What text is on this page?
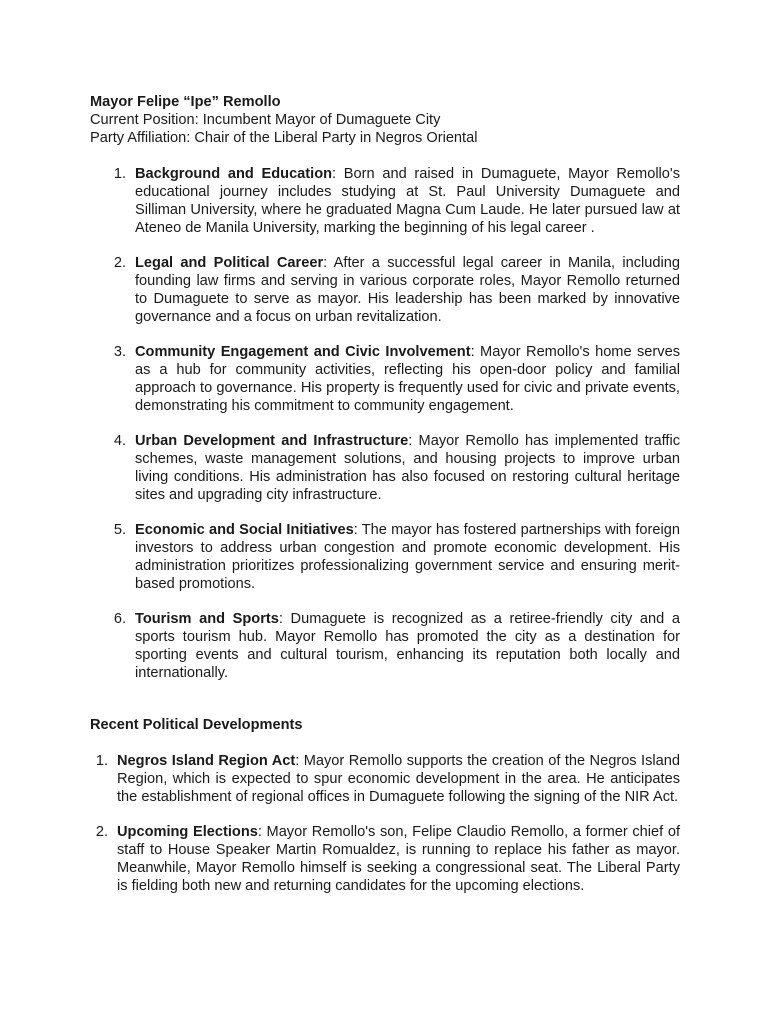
Mayor Felipe “Ipe” Remollo
Current Position: Incumbent Mayor of Dumaguete City
Party Affiliation: Chair of the Liberal Party in Negros Oriental
1. Background and Education: Born and raised in Dumaguete, Mayor Remollo's educational journey includes studying at St. Paul University Dumaguete and Silliman University, where he graduated Magna Cum Laude. He later pursued law at Ateneo de Manila University, marking the beginning of his legal career .
2. Legal and Political Career: After a successful legal career in Manila, including founding law firms and serving in various corporate roles, Mayor Remollo returned to Dumaguete to serve as mayor. His leadership has been marked by innovative governance and a focus on urban revitalization.
3. Community Engagement and Civic Involvement: Mayor Remollo's home serves as a hub for community activities, reflecting his open-door policy and familial approach to governance. His property is frequently used for civic and private events, demonstrating his commitment to community engagement.
4. Urban Development and Infrastructure: Mayor Remollo has implemented traffic schemes, waste management solutions, and housing projects to improve urban living conditions. His administration has also focused on restoring cultural heritage sites and upgrading city infrastructure.
5. Economic and Social Initiatives: The mayor has fostered partnerships with foreign investors to address urban congestion and promote economic development. His administration prioritizes professionalizing government service and ensuring merit-based promotions.
6. Tourism and Sports: Dumaguete is recognized as a retiree-friendly city and a sports tourism hub. Mayor Remollo has promoted the city as a destination for sporting events and cultural tourism, enhancing its reputation both locally and internationally.
Recent Political Developments
1. Negros Island Region Act: Mayor Remollo supports the creation of the Negros Island Region, which is expected to spur economic development in the area. He anticipates the establishment of regional offices in Dumaguete following the signing of the NIR Act.
2. Upcoming Elections: Mayor Remollo's son, Felipe Claudio Remollo, a former chief of staff to House Speaker Martin Romualdez, is running to replace his father as mayor. Meanwhile, Mayor Remollo himself is seeking a congressional seat. The Liberal Party is fielding both new and returning candidates for the upcoming elections.
